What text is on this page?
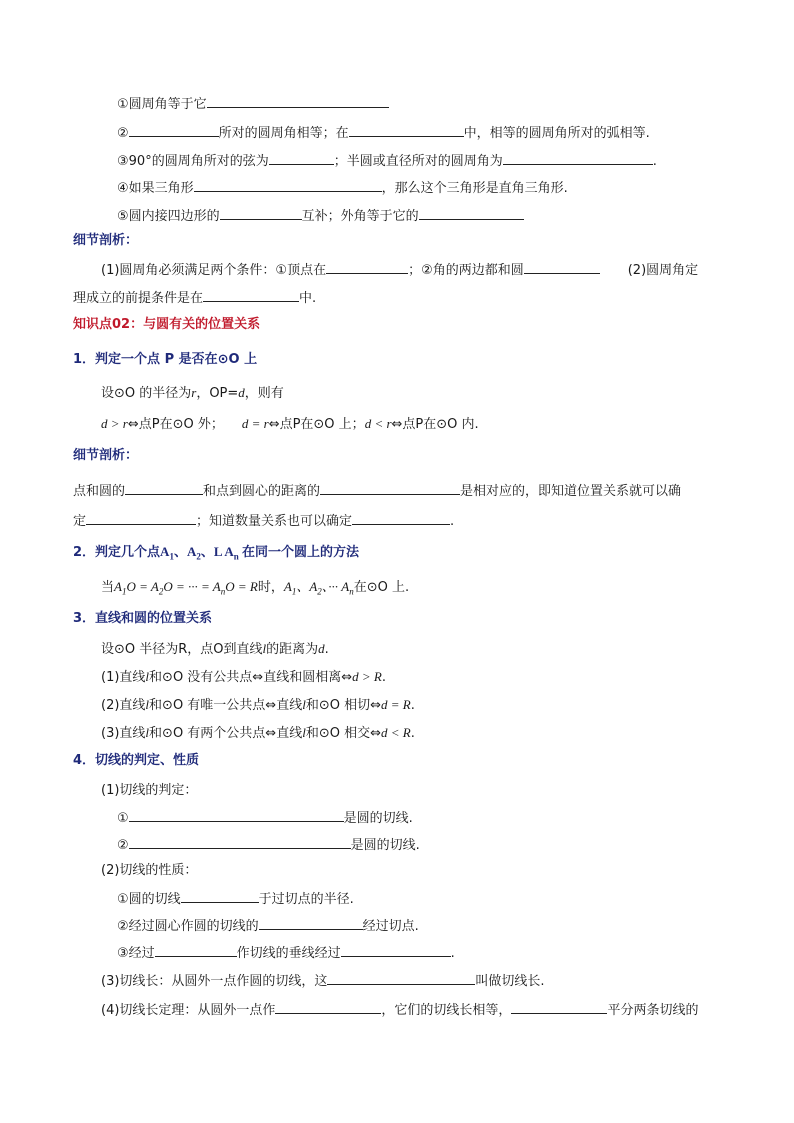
①圆周角等于它
②	所对的圆周角相等；在	中，相等的圆周角所对的弧相等.
③90°的圆周角所对的弦为	；半圆或直径所对的圆周角为	.
④如果三角形	，那么这个三角形是直角三角形.
⑤圆内接四边形的	互补；外角等于它的
细节剖析：
(1)圆周角必须满足两个条件：①顶点在	；②角的两边都和圆	(2)圆周角定
理成立的前提条件是在	中.
知识点02：与圆有关的位置关系
1．判定一个点 P 是否在⊙O 上
设⊙O 的半径为r，OP=d，则有
d > r⇔点P在⊙O 外； d = r⇔点P在⊙O 上；d < r⇔点P在⊙O 内.
细节剖析：
点和圆的	和点到圆心的距离的	是相对应的，即知道位置关系就可以确
定	；知道数量关系也可以确定	.
2．判定几个点$A_1$、$A_2$、L $A_n$ 在同一个圆上的方法
当$A_1O = A_2O$ = ··· = $A_nO = R$时，$A_1$、$A_2$、··· $A_n$在⊙O 上.
3．直线和圆的位置关系
设⊙O 半径为R，点O到直线l的距离为d.
(1)直线l和⊙O 没有公共点⇔直线和圆相离⇔d > R.
(2)直线l和⊙O 有唯一公共点⇔直线l和⊙O 相切⇔d = R.
(3)直线l和⊙O 有两个公共点⇔直线l和⊙O 相交⇔d < R.
4．切线的判定、性质
(1)切线的判定：
①	是圆的切线.
②	是圆的切线.
(2)切线的性质：
①圆的切线	于过切点的半径.
②经过圆心作圆的切线的	经过切点.
③经过	作切线的垂线经过	.
(3)切线长：从圆外一点作圆的切线，这	叫做切线长.
(4)切线长定理：从圆外一点作	，它们的切线长相等，	平分两条切线的
